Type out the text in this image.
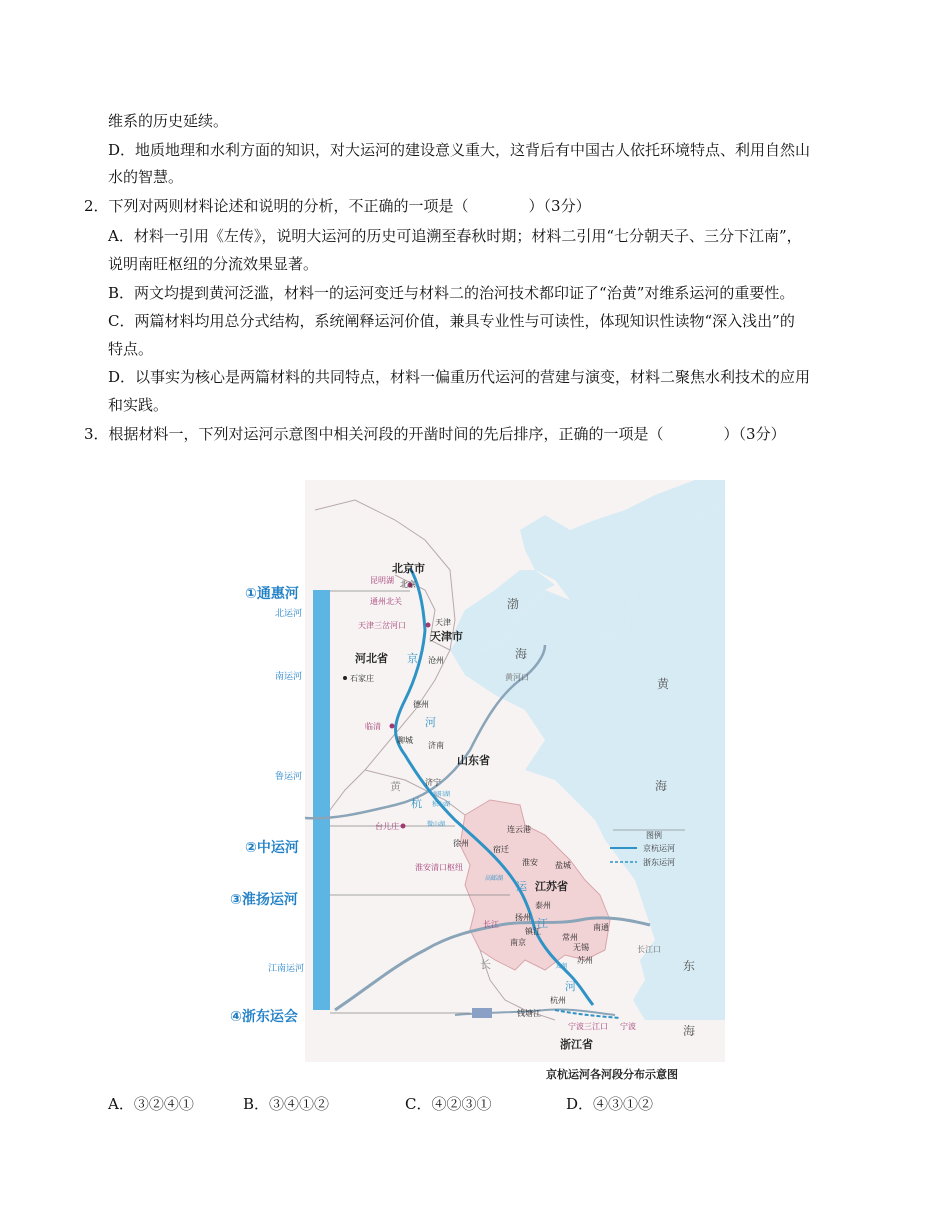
维系的历史延续。
D．地质地理和水利方面的知识，对大运河的建设意义重大，这背后有中国古人依托环境特点、利用自然山
水的智慧。
2．下列对两则材料论述和说明的分析，不正确的一项是（　　　　）（3分）
A．材料一引用《左传》，说明大运河的历史可追溯至春秋时期；材料二引用“七分朝天子、三分下江南”，
说明南旺枢纽的分流效果显著。
B．两文均提到黄河泛滥，材料一的运河变迁与材料二的治河技术都印证了“治黄”对维系运河的重要性。
C．两篇材料均用总分式结构，系统阐释运河价值，兼具专业性与可读性，体现知识性读物“深入浅出”的
特点。
D．以事实为核心是两篇材料的共同特点，材料一偏重历代运河的营建与演变，材料二聚焦水利技术的应用
和实践。
3．根据材料一，下列对运河示意图中相关河段的开凿时间的先后排序，正确的一项是（　　　　）（3分）
①通惠河
北运河
南运河
鲁运河
②中运河
③淮扬运河
江南运河
④浙东运会
北京市
天津市
河北省
山东省
江苏省
浙江省
渤
海
黄
海
东
海
京
河
杭
运
江
河
黄
长
黄河口
长江口
昆明湖 北京
通州北关
天津
天津三岔河口
沧州
石家庄
德州
临清
聊城
济南
济宁
南阳湖
独山湖
微山湖
台儿庄
徐州
连云港
宿迁
淮安
淮安清口枢纽	盐城
高邮湖
泰州
扬州
长江
镇江
南京
南通
常州
无锡
苏州
太湖
杭州
钱塘江
宁波三江口 宁波
图例
京杭运河
浙东运河
京杭运河各河段分布示意图
A．③②④①	B．③④①②	C．④②③①	D．④③①②
